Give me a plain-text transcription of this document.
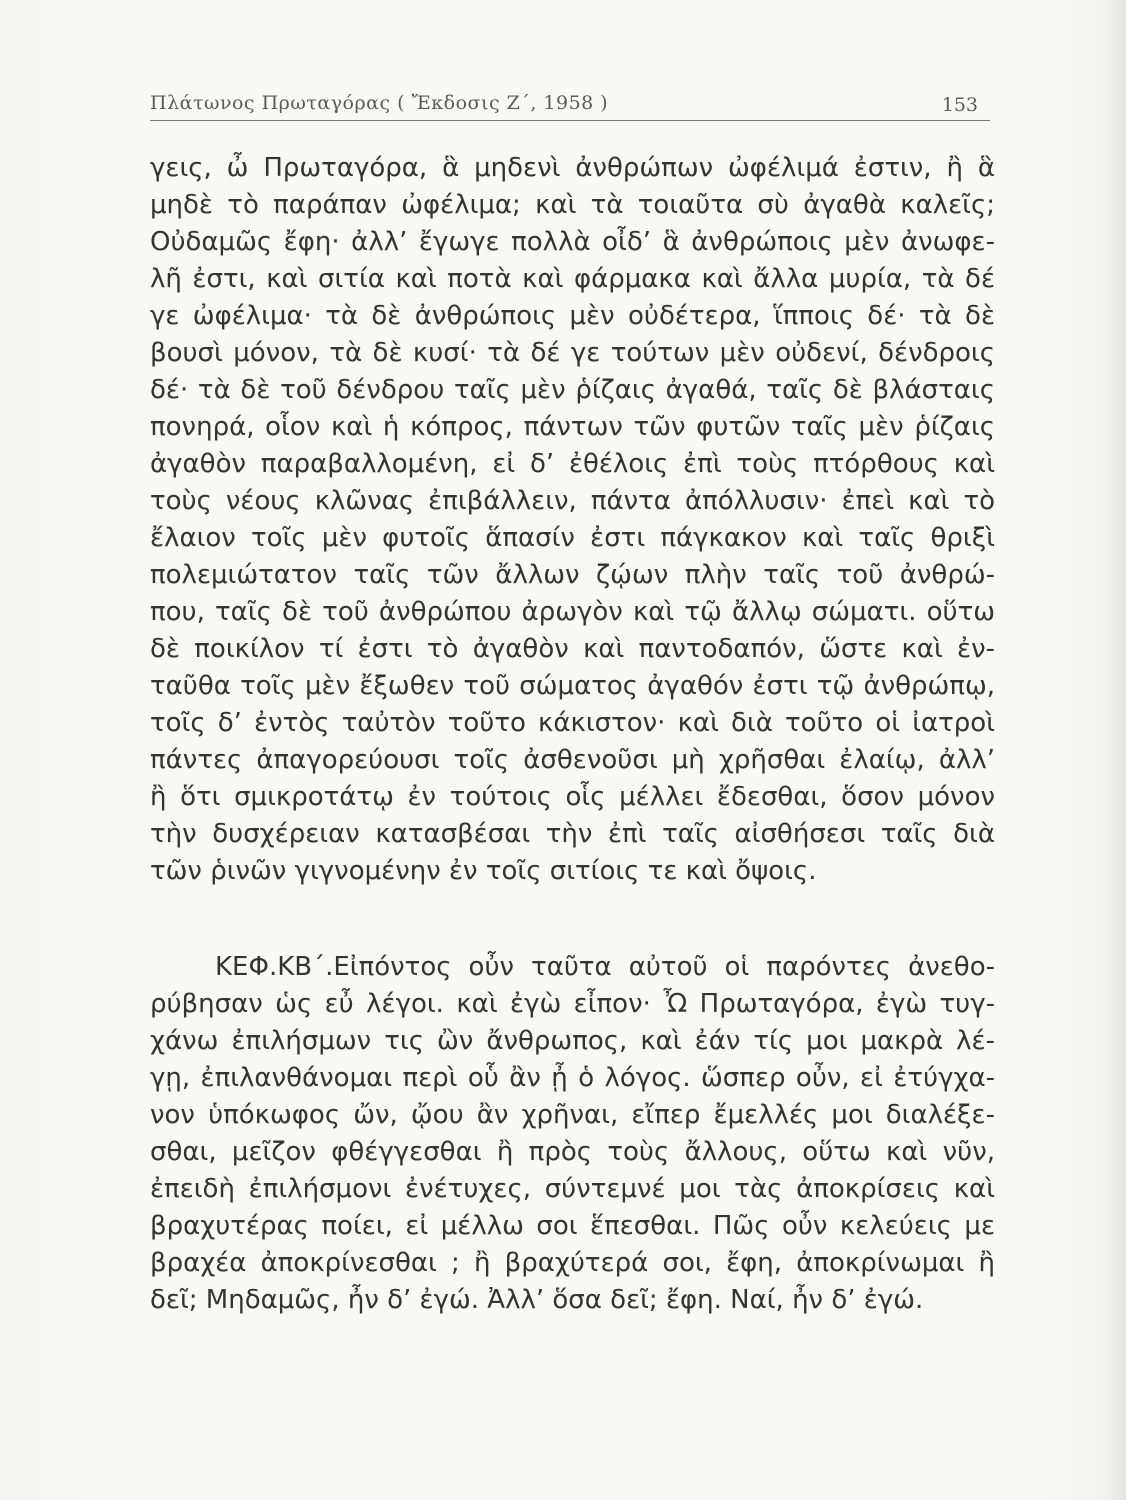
Πλάτωνος Πρωταγόρας ( Ἔκδοσις Ζ΄, 1958 )	153
γεις, ὦ Πρωταγόρα, ἃ μηδενὶ ἀνθρώπων ὠφέλιμά ἐστιν, ἢ ἃ
μηδὲ τὸ παράπαν ὠφέλιμα; καὶ τὰ τοιαῦτα σὺ ἀγαθὰ καλεῖς;
Οὐδαμῶς ἔφη· ἀλλ’ ἔγωγε πολλὰ οἶδ’ ἃ ἀνθρώποις μὲν ἀνωφε-
λῆ ἐστι, καὶ σιτία καὶ ποτὰ καὶ φάρμακα καὶ ἄλλα μυρία, τὰ δέ
γε ὠφέλιμα· τὰ δὲ ἀνθρώποις μὲν οὐδέτερα, ἵπποις δέ· τὰ δὲ
βουσὶ μόνον, τὰ δὲ κυσί· τὰ δέ γε τούτων μὲν οὐδενί, δένδροις
δέ· τὰ δὲ τοῦ δένδρου ταῖς μὲν ῥίζαις ἀγαθά, ταῖς δὲ βλάσταις
πονηρά, οἷον καὶ ἡ κόπρος, πάντων τῶν φυτῶν ταῖς μὲν ῥίζαις
ἀγαθὸν παραβαλλομένη, εἰ δ’ ἐθέλοις ἐπὶ τοὺς πτόρθους καὶ
τοὺς νέους κλῶνας ἐπιβάλλειν, πάντα ἀπόλλυσιν· ἐπεὶ καὶ τὸ
ἔλαιον τοῖς μὲν φυτοῖς ἅπασίν ἐστι πάγκακον καὶ ταῖς θριξὶ
πολεμιώτατον ταῖς τῶν ἄλλων ζῴων πλὴν ταῖς τοῦ ἀνθρώ-
που, ταῖς δὲ τοῦ ἀνθρώπου ἀρωγὸν καὶ τῷ ἄλλῳ σώματι. οὕτω
δὲ ποικίλον τί ἐστι τὸ ἀγαθὸν καὶ παντοδαπόν, ὥστε καὶ ἐν-
ταῦθα τοῖς μὲν ἔξωθεν τοῦ σώματος ἀγαθόν ἐστι τῷ ἀνθρώπῳ,
τοῖς δ’ ἐντὸς ταὐτὸν τοῦτο κάκιστον· καὶ διὰ τοῦτο οἱ ἰατροὶ
πάντες ἀπαγορεύουσι τοῖς ἀσθενοῦσι μὴ χρῆσθαι ἐλαίῳ, ἀλλ’
ἢ ὅτι σμικροτάτῳ ἐν τούτοις οἷς μέλλει ἔδεσθαι, ὅσον μόνον
τὴν δυσχέρειαν κατασβέσαι τὴν ἐπὶ ταῖς αἰσθήσεσι ταῖς διὰ
τῶν ῥινῶν γιγνομένην ἐν τοῖς σιτίοις τε καὶ ὄψοις.
ΚΕΦ.ΚΒ΄.Εἰπόντος οὖν ταῦτα αὐτοῦ οἱ παρόντες ἀνεθο-
ρύβησαν ὡς εὖ λέγοι. καὶ ἐγὼ εἶπον· Ὦ Πρωταγόρα, ἐγὼ τυγ-
χάνω ἐπιλήσμων τις ὢν ἄνθρωπος, καὶ ἐάν τίς μοι μακρὰ λέ-
γῃ, ἐπιλανθάνομαι περὶ οὗ ἂν ᾖ ὁ λόγος. ὥσπερ οὖν, εἰ ἐτύγχα-
νον ὑπόκωφος ὤν, ᾤου ἂν χρῆναι, εἴπερ ἔμελλές μοι διαλέξε-
σθαι, μεῖζον φθέγγεσθαι ἢ πρὸς τοὺς ἄλλους, οὕτω καὶ νῦν,
ἐπειδὴ ἐπιλήσμονι ἐνέτυχες, σύντεμνέ μοι τὰς ἀποκρίσεις καὶ
βραχυτέρας ποίει, εἰ μέλλω σοι ἕπεσθαι. Πῶς οὖν κελεύεις με
βραχέα ἀποκρίνεσθαι ; ἢ βραχύτερά σοι, ἔφη, ἀποκρίνωμαι ἢ
δεῖ; Μηδαμῶς, ἦν δ’ ἐγώ. Ἀλλ’ ὅσα δεῖ; ἔφη. Ναί, ἦν δ’ ἐγώ.
